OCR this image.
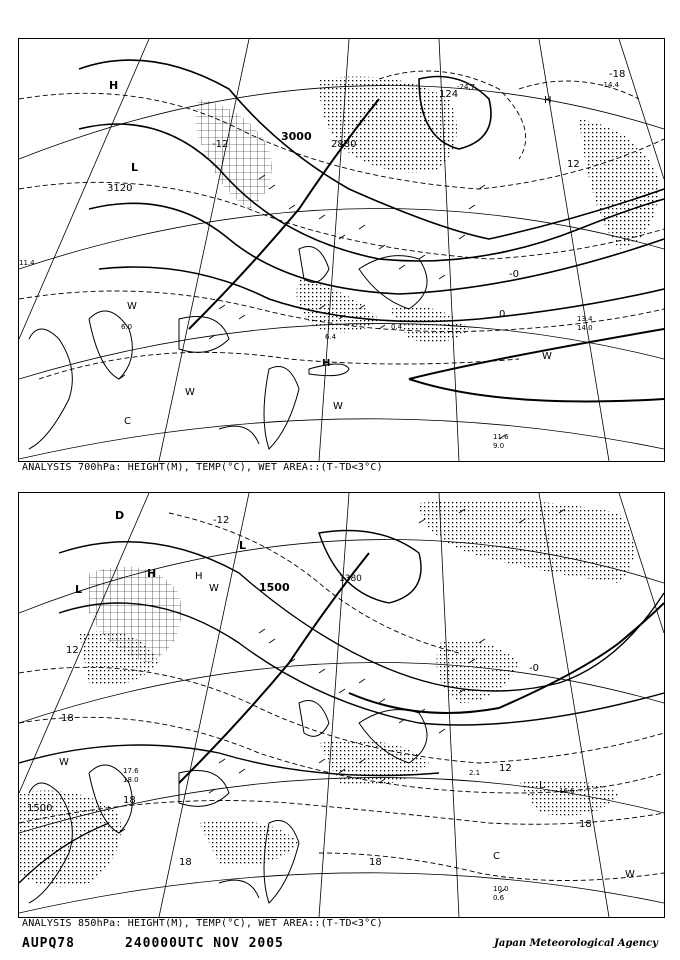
3000
2880
3120
124
-12
-18
12
-0
0
H
L
H
W
W
W
C
W
H
-14.4
-24.7
11.4
6.0
11.6
9.0
13.4
14.0
6.4
0.4
ANALYSIS 700hPa: HEIGHT(M), TEMP(°C), WET AREA::(T-TD<3°C)
1500
1500
1380
12
18
18
12
-0
18
18
18
-12
L
L
H
W
W
C
W
L
D
H
17.6
18.0
10.0
0.6
2.1
16.6
ANALYSIS 850hPa: HEIGHT(M), TEMP(°C), WET AREA::(T-TD<3°C)
AUPQ78	240000UTC NOV 2005	Japan Meteorological Agency
